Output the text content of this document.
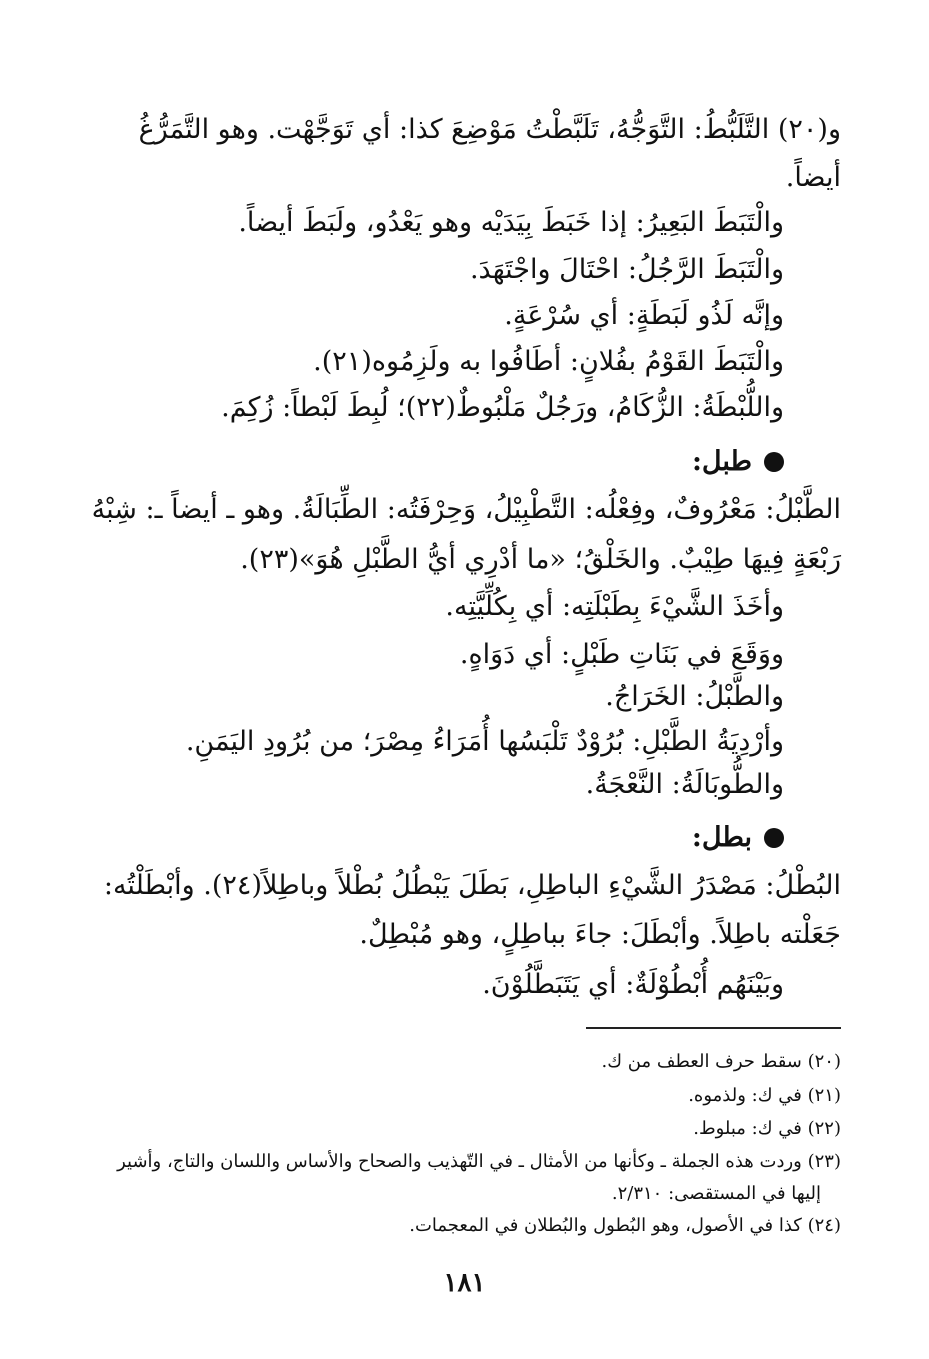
و(٢٠) التَّلَبُّطُ: التَّوَجُّهُ، تَلَبَّطْتُ مَوْضِعَ كذا: أي تَوَجَّهْت. وهو التَّمَرُّغُ
أيضاً.
والْتَبَطَ البَعِيرُ: إذا خَبَطَ بِيَدَيْه وهو يَعْدُو، ولَبَطَ أيضاً.
والْتَبَطَ الرَّجُلُ: احْتَالَ واجْتَهَدَ.
وإنَّه لَذُو لَبَطَةٍ: أي سُرْعَةٍ.
والْتَبَطَ القَوْمُ بفُلانٍ: أطَافُوا به ولَزِمُوه(٢١).
واللُّبْطَةُ: الزُّكَامُ، ورَجُلٌ مَلْبُوطٌ(٢٢)؛ لُبِطَ لَبْطاً: زُكِمَ.
طبل:
الطَّبْلُ: مَعْرُوفٌ، وفِعْلُه: التَّطْبِيْلُ، وَحِرْفَتُه: الطِّبَالَةُ. وهو ـ أيضاً ـ: شِبْهُ
رَبْعَةٍ فِيهَا طِيْبٌ. والخَلْقُ؛ «ما أدْرِي أيُّ الطَّبْلِ هُوَ»(٢٣).
وأخَذَ الشَّيْءَ بِطَبْلَتِه: أي بِكُلِّيَّتِه.
ووَقَعَ في بَنَاتِ طَبْلٍ: أي دَوَاهٍ.
والطَّبْلُ: الخَرَاجُ.
وأرْدِيَةُ الطَّبْلِ: بُرُوْدٌ تَلْبَسُها أُمَرَاءُ مِصْرَ؛ من بُرُودِ اليَمَنِ.
والطُّوبَالَةُ: النَّعْجَةُ.
بطل:
البُطْلُ: مَصْدَرُ الشَّيْءِ الباطِلِ، بَطَلَ يَبْطُلُ بُطْلاً وباطِلاً(٢٤). وأبْطَلْتُه:
جَعَلْته باطِلاً. وأبْطَلَ: جاءَ بباطِلٍ، وهو مُبْطِلٌ.
وبَيْنَهُم أُبْطُوْلَةٌ: أي يَتَبَطَّلُوْنَ.
(٢٠) سقط حرف العطف من ك.
(٢١) في ك: ولذموه.
(٢٢) في ك: مبلوط.
(٢٣) وردت هذه الجملة ـ وكأنها من الأمثال ـ في التّهذيب والصحاح والأساس واللسان والتاج، وأشير
إليها في المستقصى: ٢/٣١٠.
(٢٤) كذا في الأصول، وهو البُطول والبُطلان في المعجمات.
١٨١
